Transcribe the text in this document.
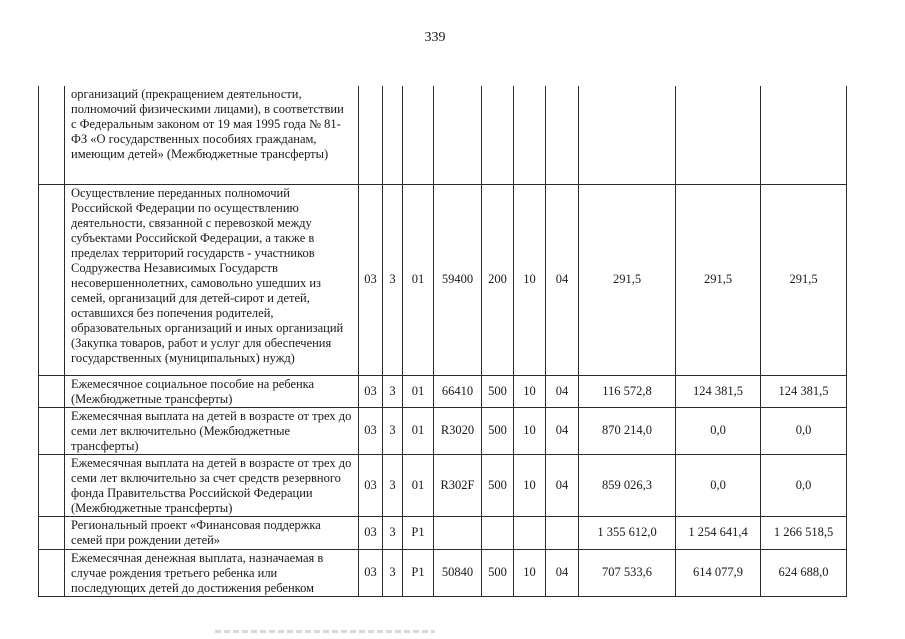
339
	организаций (прекращением деятельности, полномочий физическими лицами), в соответствии с Федеральным законом от 19 мая 1995 года № 81-ФЗ «О государственных пособиях гражданам, имеющим детей» (Межбюджетные трансферты)										
	Осуществление переданных полномочий Российской Федерации по осуществлению деятельности, связанной с перевозкой между субъектами Российской Федерации, а также в пределах территорий государств - участников Содружества Независимых Государств несовершеннолетних, самовольно ушедших из семей, организаций для детей-сирот и детей, оставшихся без попечения родителей, образовательных организаций и иных организаций (Закупка товаров, работ и услуг для обеспечения государственных (муниципальных) нужд)	03	3	01	59400	200	10	04	291,5	291,5	291,5
	Ежемесячное социальное пособие на ребенка (Межбюджетные трансферты)	03	3	01	66410	500	10	04	116 572,8	124 381,5	124 381,5
	Ежемесячная выплата на детей в возрасте от трех до семи лет включительно (Межбюджетные трансферты)	03	3	01	R3020	500	10	04	870 214,0	0,0	0,0
	Ежемесячная выплата на детей в возрасте от трех до семи лет включительно за счет средств резервного фонда Правительства Российской Федерации (Межбюджетные трансферты)	03	3	01	R302F	500	10	04	859 026,3	0,0	0,0
	Региональный проект «Финансовая поддержка семей при рождении детей»	03	3	P1					1 355 612,0	1 254 641,4	1 266 518,5
	Ежемесячная денежная выплата, назначаемая в случае рождения третьего ребенка или последующих детей до достижения ребенком	03	3	P1	50840	500	10	04	707 533,6	614 077,9	624 688,0
